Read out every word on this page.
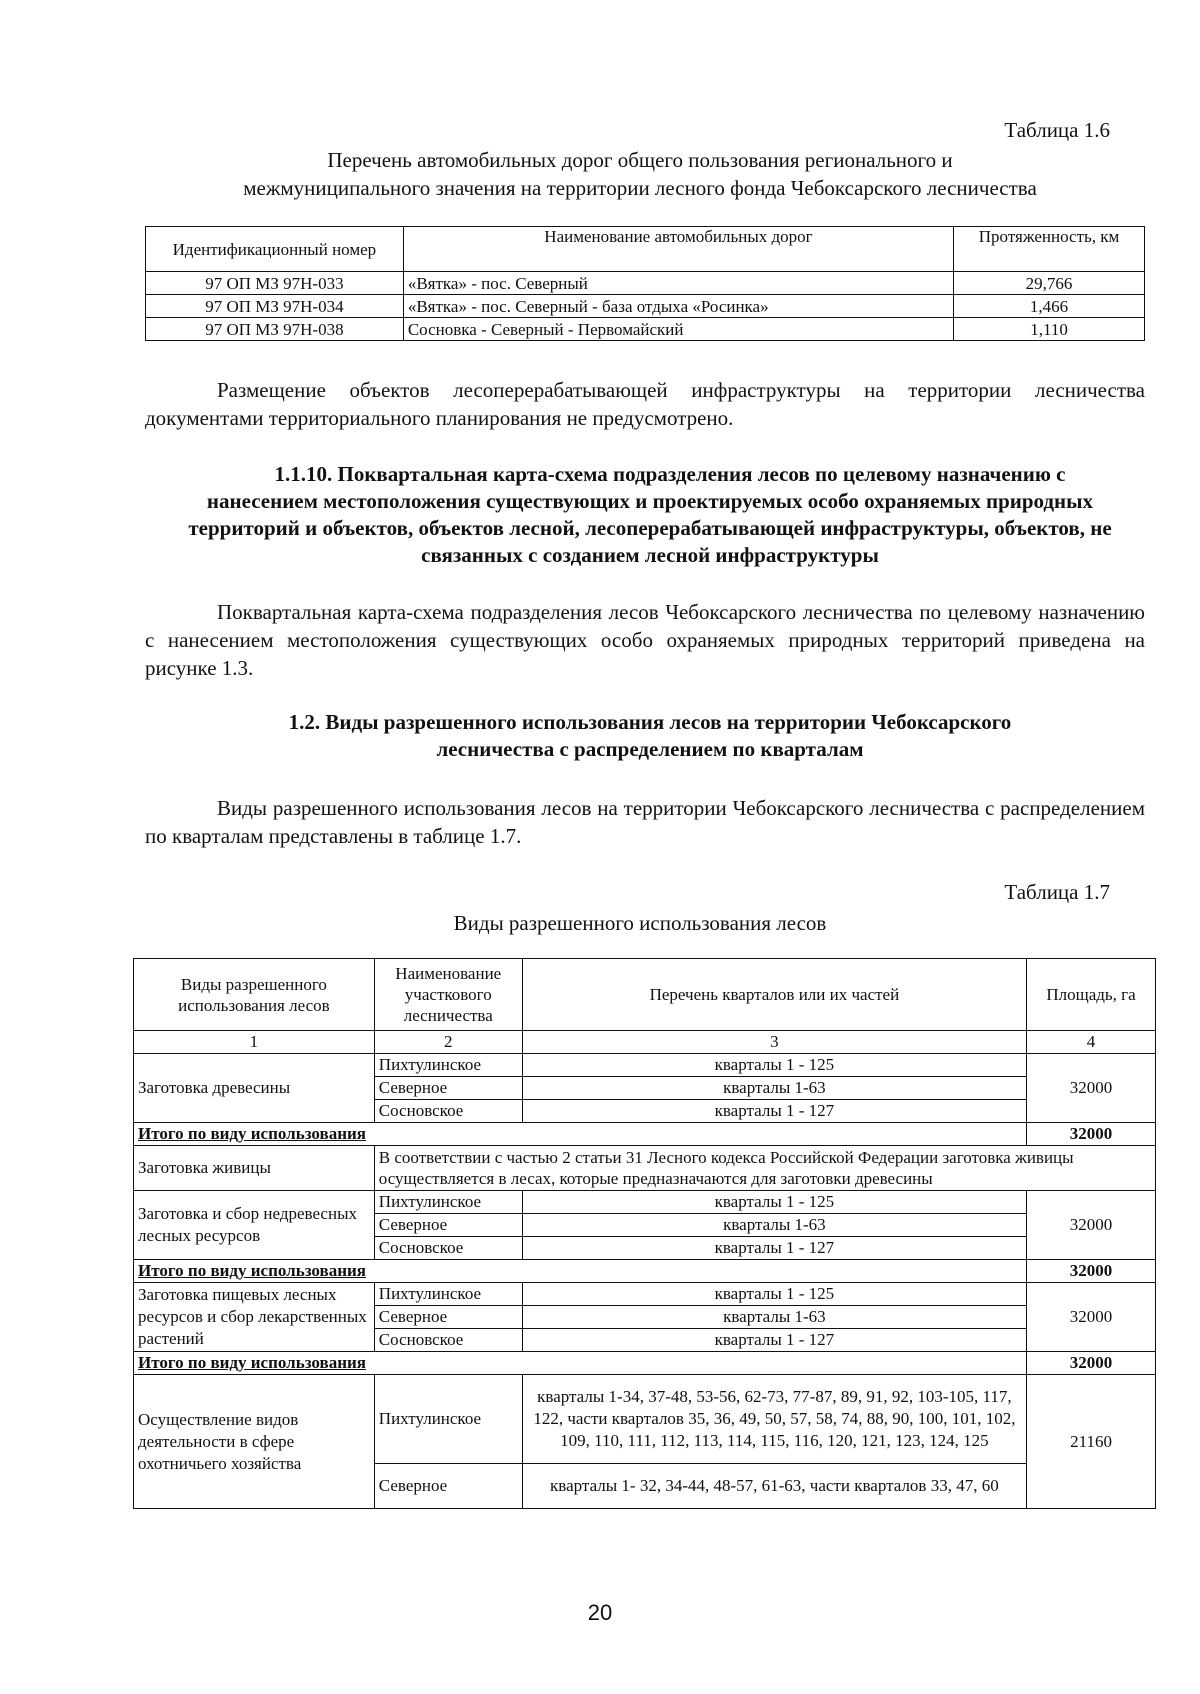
Таблица 1.6
Перечень автомобильных дорог общего пользования регионального и
межмуниципального значения на территории лесного фонда Чебоксарского лесничества
Идентификационный номер	Наименование автомобильных дорог	Протяженность, км
97 ОП МЗ 97Н-033	«Вятка» - пос. Северный	29,766
97 ОП МЗ 97Н-034	«Вятка» - пос. Северный - база отдыха «Росинка»	1,466
97 ОП МЗ 97Н-038	Сосновка - Северный - Первомайский	1,110
Размещение объектов лесоперерабатывающей инфраструктуры на территории лесничества документами территориального планирования не предусмотрено.
1.1.10. Поквартальная карта-схема подразделения лесов по целевому назначению с нанесением местоположения существующих и проектируемых особо охраняемых природных территорий и объектов, объектов лесной, лесоперерабатывающей инфраструктуры, объектов, не связанных с созданием лесной инфраструктуры
Поквартальная карта-схема подразделения лесов Чебоксарского лесничества по целевому назначению с нанесением местоположения существующих особо охраняемых природных территорий приведена на рисунке 1.3.
1.2. Виды разрешенного использования лесов на территории Чебоксарского
лесничества с распределением по кварталам
Виды разрешенного использования лесов на территории Чебоксарского лесничества с распределением по кварталам представлены в таблице 1.7.
Таблица 1.7
Виды разрешенного использования лесов
Виды разрешенного использования лесов	Наименование участкового лесничества	Перечень кварталов или их частей	Площадь, га
1	2	3	4
Заготовка древесины	Пихтулинское	кварталы 1 - 125	32000
	Северное	кварталы 1-63	
	Сосновское	кварталы 1 - 127	
Итого по виду использования			32000
Заготовка живицы	В соответствии с частью 2 статьи 31 Лесного кодекса Российской Федерации заготовка живицы осуществляется в лесах, которые предназначаются для заготовки древесины		
Заготовка и сбор недревесных лесных ресурсов	Пихтулинское	кварталы 1 - 125	32000
	Северное	кварталы 1-63	
	Сосновское	кварталы 1 - 127	
Итого по виду использования			32000
Заготовка пищевых лесных ресурсов и сбор лекарственных растений	Пихтулинское	кварталы 1 - 125	32000
	Северное	кварталы 1-63	
	Сосновское	кварталы 1 - 127	
Итого по виду использования			32000
Осуществление видов деятельности в сфере охотничьего хозяйства	Пихтулинское	кварталы 1-34, 37-48, 53-56, 62-73, 77-87, 89, 91, 92, 103-105, 117, 122, части кварталов 35, 36, 49, 50, 57, 58, 74, 88, 90, 100, 101, 102, 109, 110, 111, 112, 113, 114, 115, 116, 120, 121, 123, 124, 125	21160
	Северное	кварталы 1- 32, 34-44, 48-57, 61-63, части кварталов 33, 47, 60	
20
